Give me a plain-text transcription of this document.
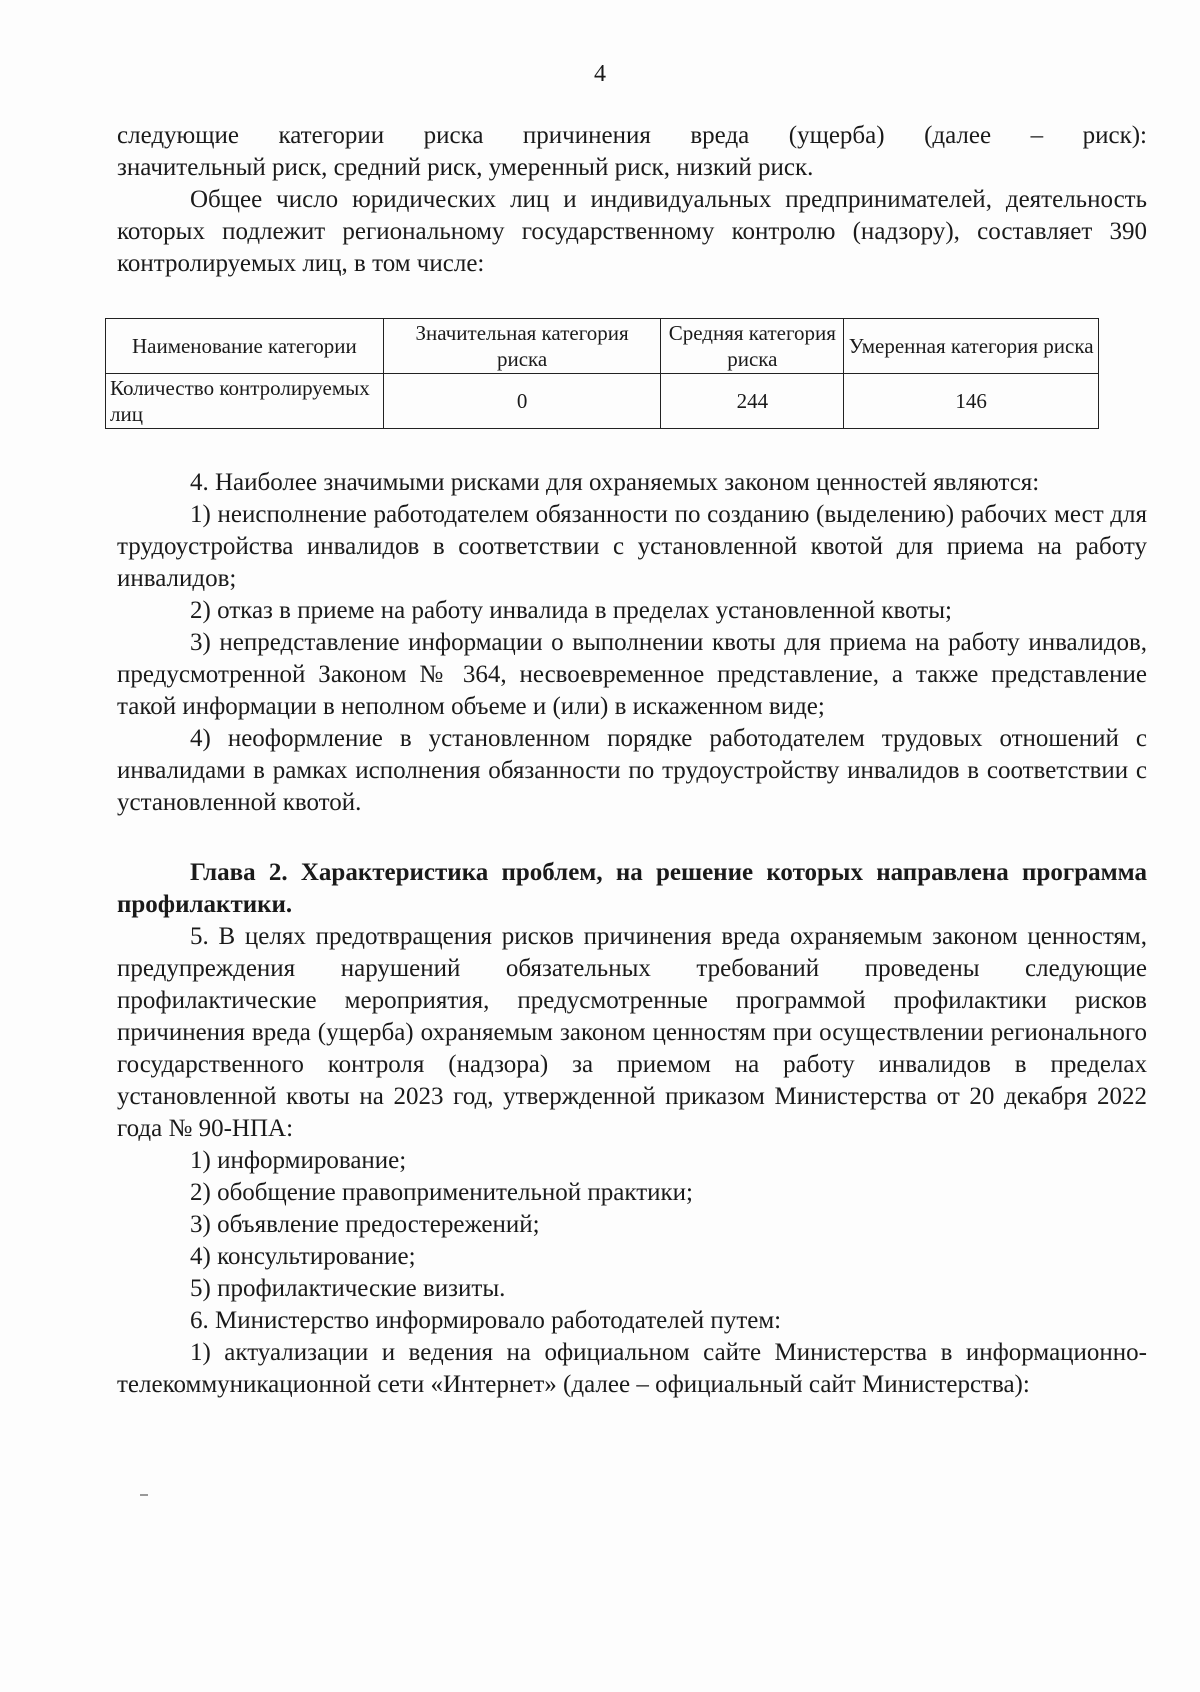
4

следующие категории риска причинения вреда (ущерба) (далее – риск):

значительный риск, средний риск, умеренный риск, низкий риск.

Общее число юридических лиц и индивидуальных предпринимателей, деятельность которых подлежит региональному государственному контролю (надзору), составляет 390 контролируемых лиц, в том числе:

Наименование категории	Значительная категория риска	Средняя категория риска	Умеренная категория риска
Количество контролируемых лиц	0	244	146

4. Наиболее значимыми рисками для охраняемых законом ценностей являются:

1) неисполнение работодателем обязанности по созданию (выделению) рабочих мест для трудоустройства инвалидов в соответствии с установленной квотой для приема на работу инвалидов;

2) отказ в приеме на работу инвалида в пределах установленной квоты;

3) непредставление информации о выполнении квоты для приема на работу инвалидов, предусмотренной Законом № 364, несвоевременное представление, а также представление такой информации в неполном объеме и (или) в искаженном виде;

4) неоформление в установленном порядке работодателем трудовых отношений с инвалидами в рамках исполнения обязанности по трудоустройству инвалидов в соответствии с установленной квотой.

Глава 2. Характеристика проблем, на решение которых направлена программа профилактики.

5. В целях предотвращения рисков причинения вреда охраняемым законом ценностям, предупреждения нарушений обязательных требований проведены следующие профилактические мероприятия, предусмотренные программой профилактики рисков причинения вреда (ущерба) охраняемым законом ценностям при осуществлении регионального государственного контроля (надзора) за приемом на работу инвалидов в пределах установленной квоты на 2023 год, утвержденной приказом Министерства от 20 декабря 2022 года № 90-НПА:

1) информирование;

2) обобщение правоприменительной практики;

3) объявление предостережений;

4) консультирование;

5) профилактические визиты.

6. Министерство информировало работодателей путем:

1) актуализации и ведения на официальном сайте Министерства в информационно-телекоммуникационной сети «Интернет» (далее – официальный сайт Министерства):
